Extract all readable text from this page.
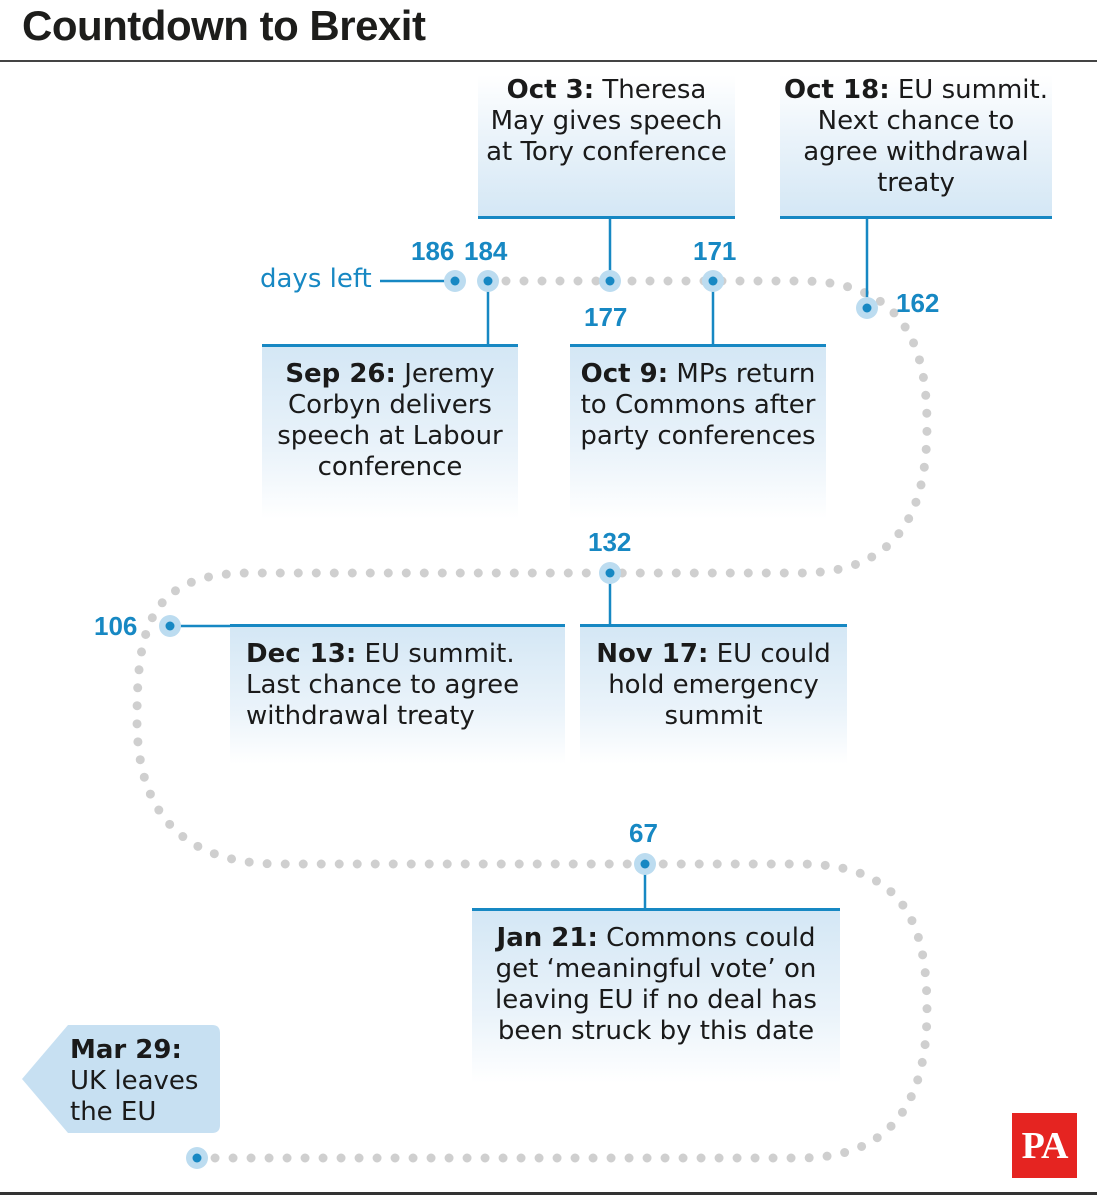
Countdown to Brexit
days left
186 184
177
171
162
132
106
67
Oct 3: Theresa May gives speech at Tory conference
Oct 18: EU summit. Next chance to agree withdrawal treaty
Sep 26: Jeremy Corbyn delivers speech at Labour conference
Oct 9: MPs return to Commons after party conferences
Dec 13: EU summit. Last chance to agree withdrawal treaty
Nov 17: EU could hold emergency summit
Jan 21: Commons could get ‘meaningful vote’ on leaving EU if no deal has been struck by this date
Mar 29:
UK leaves the EU
PA
